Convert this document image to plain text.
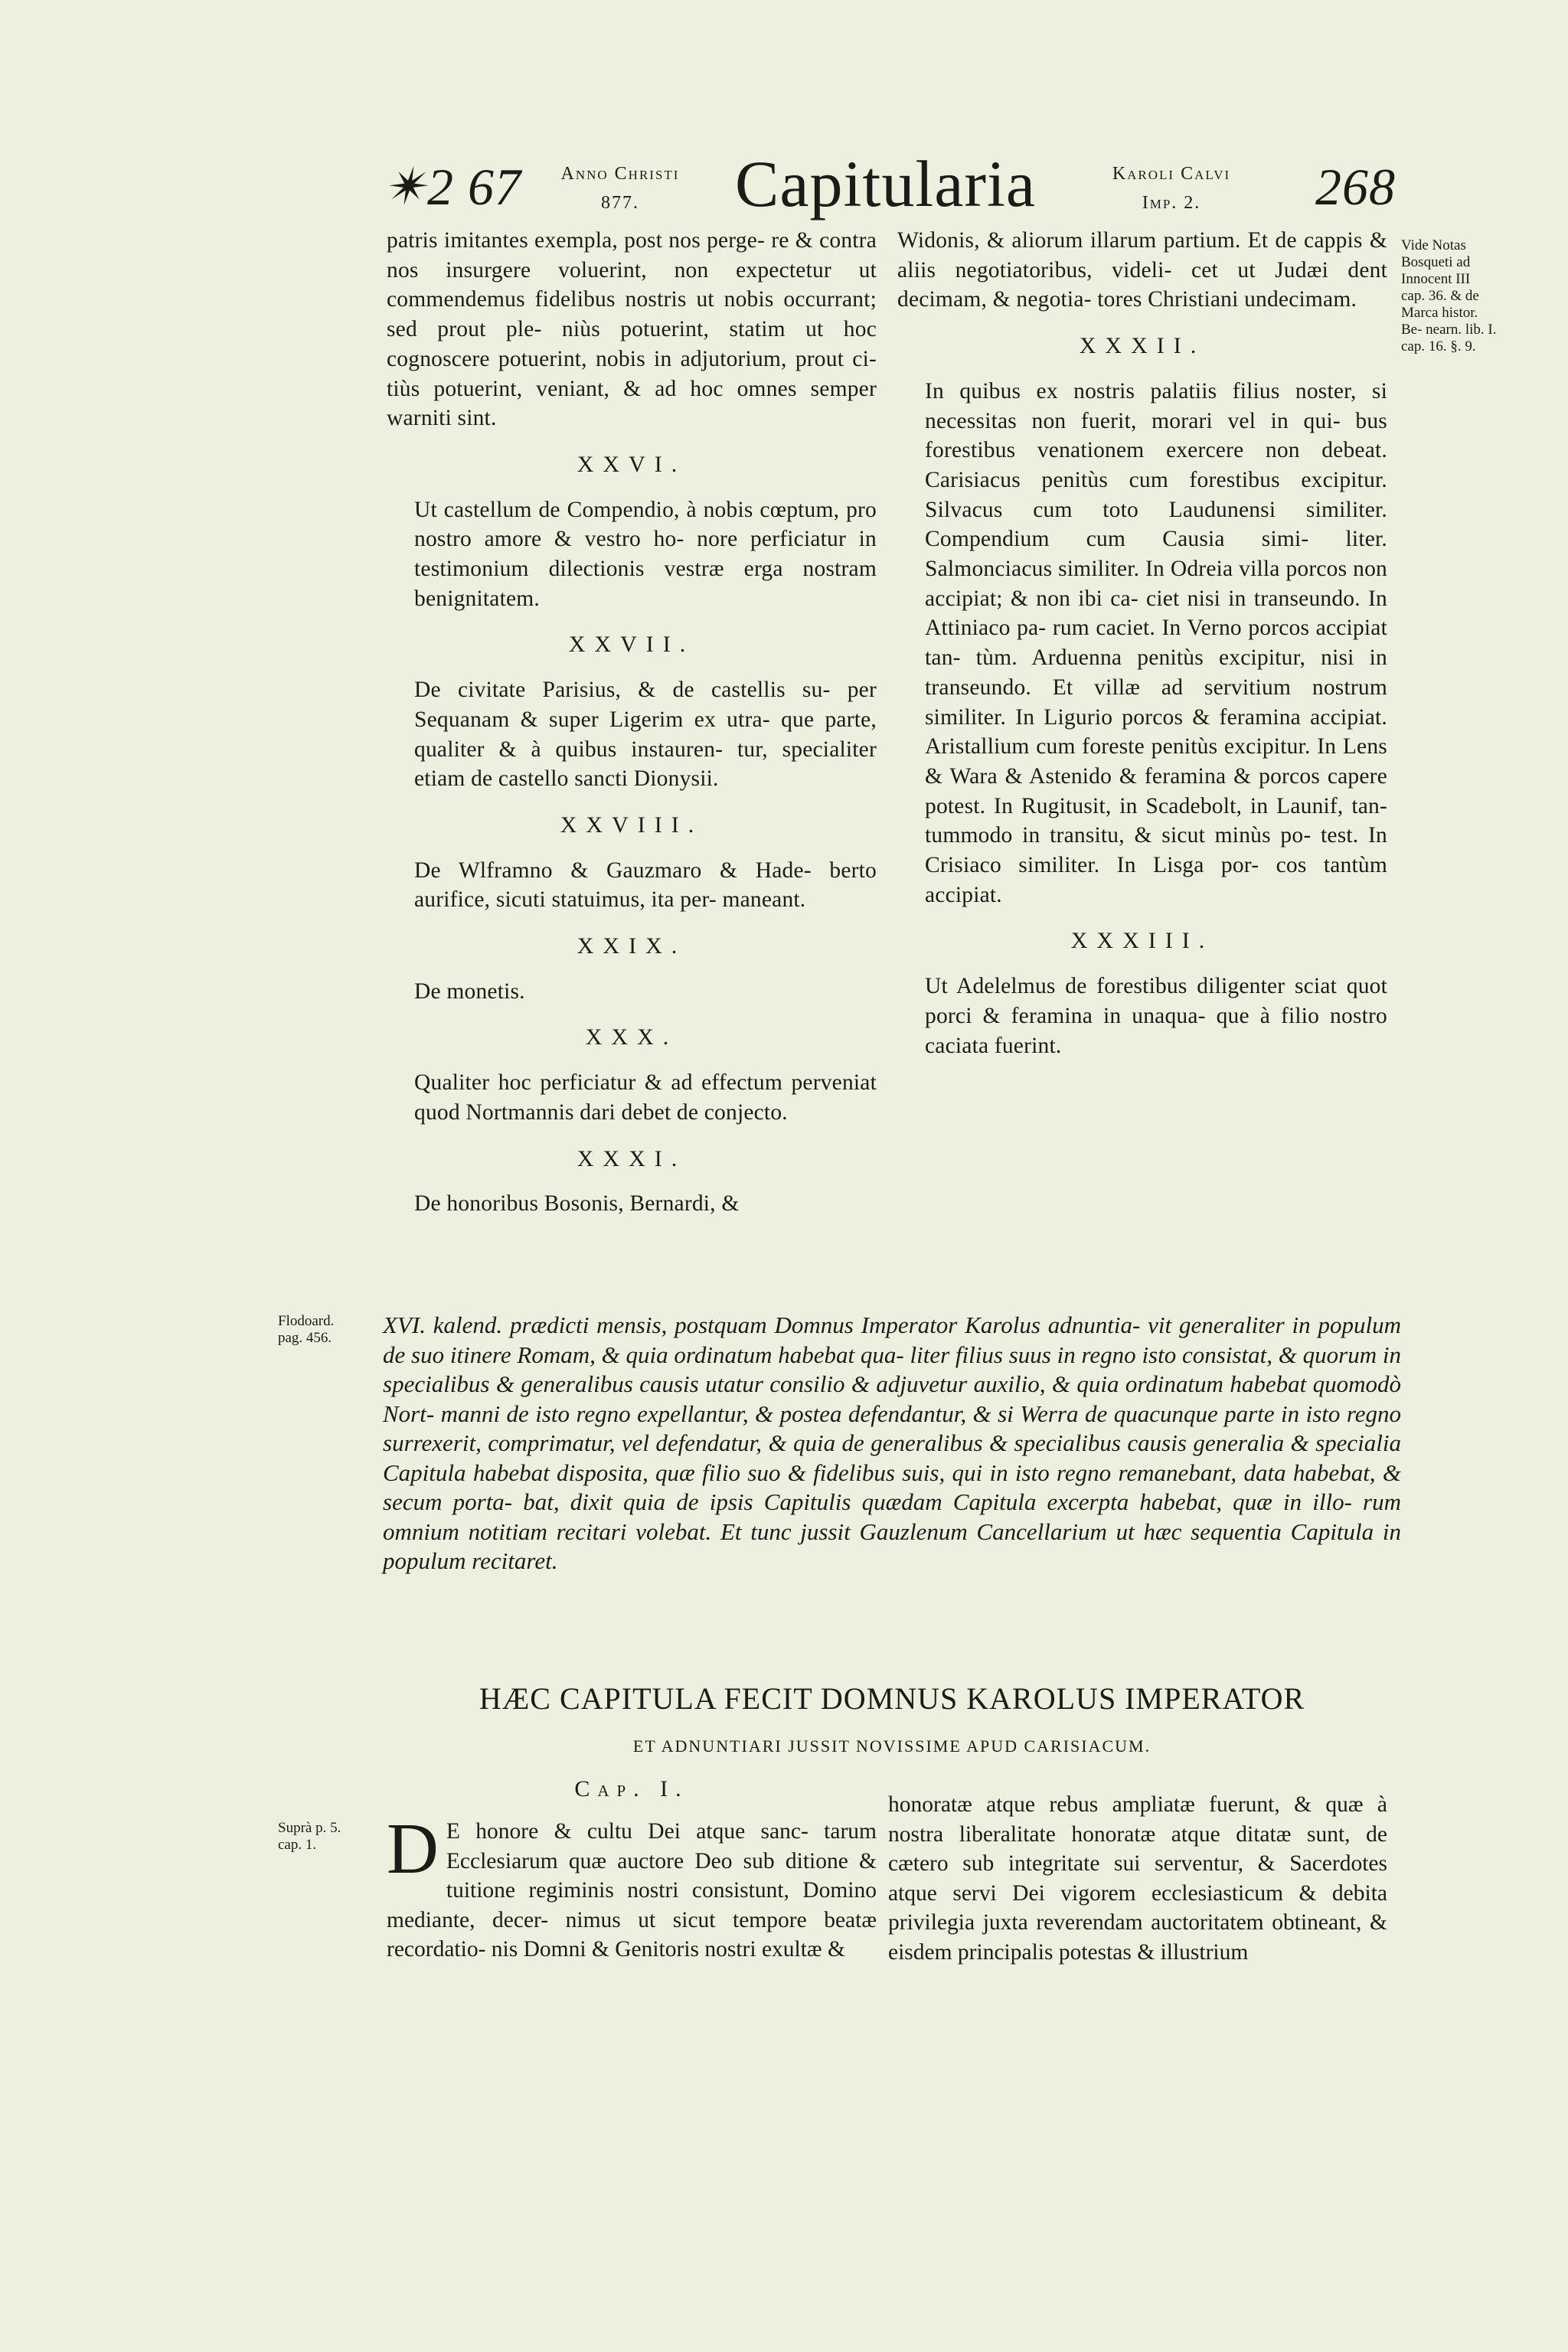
✴2 67	Anno Christi
877.	Capitularia	Karoli Calvi
Imp. 2.	268

patris imitantes exempla, post nos perge- re & contra nos insurgere voluerint, non expectetur ut commendemus fidelibus nostris ut nobis occurrant; sed prout ple- niùs potuerint, statim ut hoc cognoscere potuerint, nobis in adjutorium, prout ci- tiùs potuerint, veniant, & ad hoc omnes semper warniti sint.

XXVI.

Ut castellum de Compendio, à nobis cœptum, pro nostro amore & vestro ho- nore perficiatur in testimonium dilectionis vestræ erga nostram benignitatem.

XXVII.

De civitate Parisius, & de castellis su- per Sequanam & super Ligerim ex utra- que parte, qualiter & à quibus instauren- tur, specialiter etiam de castello sancti Dionysii.

XXVIII.

De Wlframno & Gauzmaro & Hade- berto aurifice, sicuti statuimus, ita per- maneant.

XXIX.

De monetis.

XXX.

Qualiter hoc perficiatur & ad effectum perveniat quod Nortmannis dari debet de conjecto.

XXXI.

De honoribus Bosonis, Bernardi, &

Widonis, & aliorum illarum partium. Et de cappis & aliis negotiatoribus, videli- cet ut Judæi dent decimam, & negotia- tores Christiani undecimam.

XXXII.

In quibus ex nostris palatiis filius noster, si necessitas non fuerit, morari vel in qui- bus forestibus venationem exercere non debeat. Carisiacus penitùs cum forestibus excipitur. Silvacus cum toto Laudunensi similiter. Compendium cum Causia simi- liter. Salmonciacus similiter. In Odreia villa porcos non accipiat; & non ibi ca- ciet nisi in transeundo. In Attiniaco pa- rum caciet. In Verno porcos accipiat tan- tùm. Arduenna penitùs excipitur, nisi in transeundo. Et villæ ad servitium nostrum similiter. In Ligurio porcos & feramina accipiat. Aristallium cum foreste penitùs excipitur. In Lens & Wara & Astenido & feramina & porcos capere potest. In Rugitusit, in Scadebolt, in Launif, tan- tummodo in transitu, & sicut minùs po- test. In Crisiaco similiter. In Lisga por- cos tantùm accipiat.

XXXIII.

Ut Adelelmus de forestibus diligenter sciat quot porci & feramina in unaqua- que à filio nostro caciata fuerint.

Vide Notas Bosqueti ad Innocent III cap. 36. & de Marca histor. Be- nearn. lib. I. cap. 16. §. 9.
Flodoard. pag. 456.
Suprà p. 5. cap. 1.
XVI. kalend. prædicti mensis, postquam Domnus Imperator Karolus adnuntia- vit generaliter in populum de suo itinere Romam, & quia ordinatum habebat qua- liter filius suus in regno isto consistat, & quorum in specialibus & generalibus causis utatur consilio & adjuvetur auxilio, & quia ordinatum habebat quomodò Nort- manni de isto regno expellantur, & postea defendantur, & si Werra de quacunque parte in isto regno surrexerit, comprimatur, vel defendatur, & quia de generalibus & specialibus causis generalia & specialia Capitula habebat dispositа, quæ filio suo & fidelibus suis, qui in isto regno remanebant, data habebat, & secum porta- bat, dixit quia de ipsis Capitulis quædam Capitula excerpta habebat, quæ in illo- rum omnium notitiam recitari volebat. Et tunc jussit Gauzlenum Cancellarium ut hæc sequentia Capitula in populum recitaret.
HÆC CAPITULA FECIT DOMNUS KAROLUS IMPERATOR
ET ADNUNTIARI JUSSIT NOVISSIME APUD CARISIACUM.
Cap. I.
D E honore & cultu Dei atque sanc- tarum Ecclesiarum quæ auctore Deo sub ditione & tuitione regiminis nostri consistunt, Domino mediante, decer- nimus ut sicut tempore beatæ recordatio- nis Domni & Genitoris nostri exultæ &

honoratæ atque rebus ampliatæ fuerunt, & quæ à nostra liberalitate honoratæ atque ditatæ sunt, de cætero sub integritate sui serventur, & Sacerdotes atque servi Dei vigorem ecclesiasticum & debita privilegia juxta reverendam auctoritatem obtineant, & eisdem principalis potestas & illustrium
